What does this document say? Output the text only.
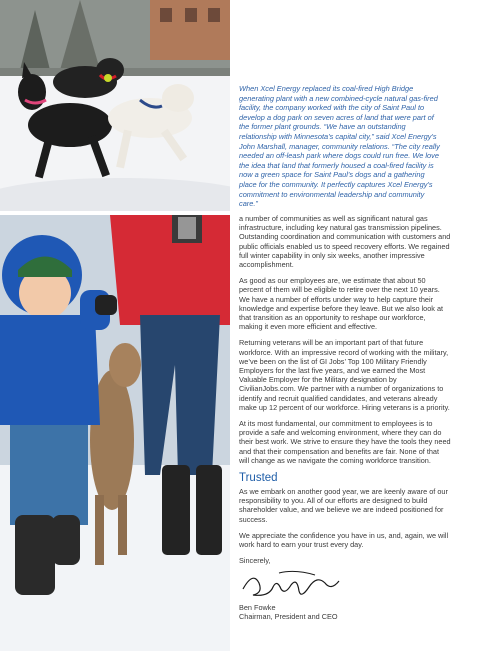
When Xcel Energy replaced its coal-fired High Bridge generating plant with a new combined-cycle natural gas-fired facility, the company worked with the city of Saint Paul to develop a dog park on seven acres of land that were part of the former plant grounds. “We have an outstanding relationship with Minnesota’s capital city,” said Xcel Energy’s John Marshall, manager, community relations. “The city really needed an off-leash park where dogs could run free. We love the idea that land that formerly housed a coal-fired facility is now a green space for Saint Paul’s dogs and a gathering place for the community. It perfectly captures Xcel Energy’s commitment to environmental leadership and community care.”

a number of communities as well as significant natural gas infrastructure, including key natural gas transmission pipelines. Outstanding coordination and communication with customers and public officials enabled us to speed recovery efforts. We regained full winter capability in only six weeks, another impressive accomplishment.

As good as our employees are, we estimate that about 50 percent of them will be eligible to retire over the next 10 years. We have a number of efforts under way to help capture their knowledge and expertise before they leave. But we also look at that transition as an opportunity to reshape our workforce, making it even more efficient and effective.

Returning veterans will be an important part of that future workforce. With an impressive record of working with the military, we’ve been on the list of GI Jobs’ Top 100 Military Friendly Employers for the last five years, and we earned the Most Valuable Employer for the Military designation by CivilianJobs.com. We partner with a number of organizations to identify and recruit qualified candidates, and veterans already make up 12 percent of our workforce. Hiring veterans is a priority.

At its most fundamental, our commitment to employees is to provide a safe and welcoming environment, where they can do their best work. We strive to ensure they have the tools they need and that their compensation and benefits are fair. None of that will change as we navigate the coming workforce transition.

Trusted

As we embark on another good year, we are keenly aware of our responsibility to you. All of our efforts are designed to build shareholder value, and we believe we are indeed positioned for success.

We appreciate the confidence you have in us, and, again, we will work hard to earn your trust every day.

Sincerely,

Ben Fowke

Chairman, President and CEO
